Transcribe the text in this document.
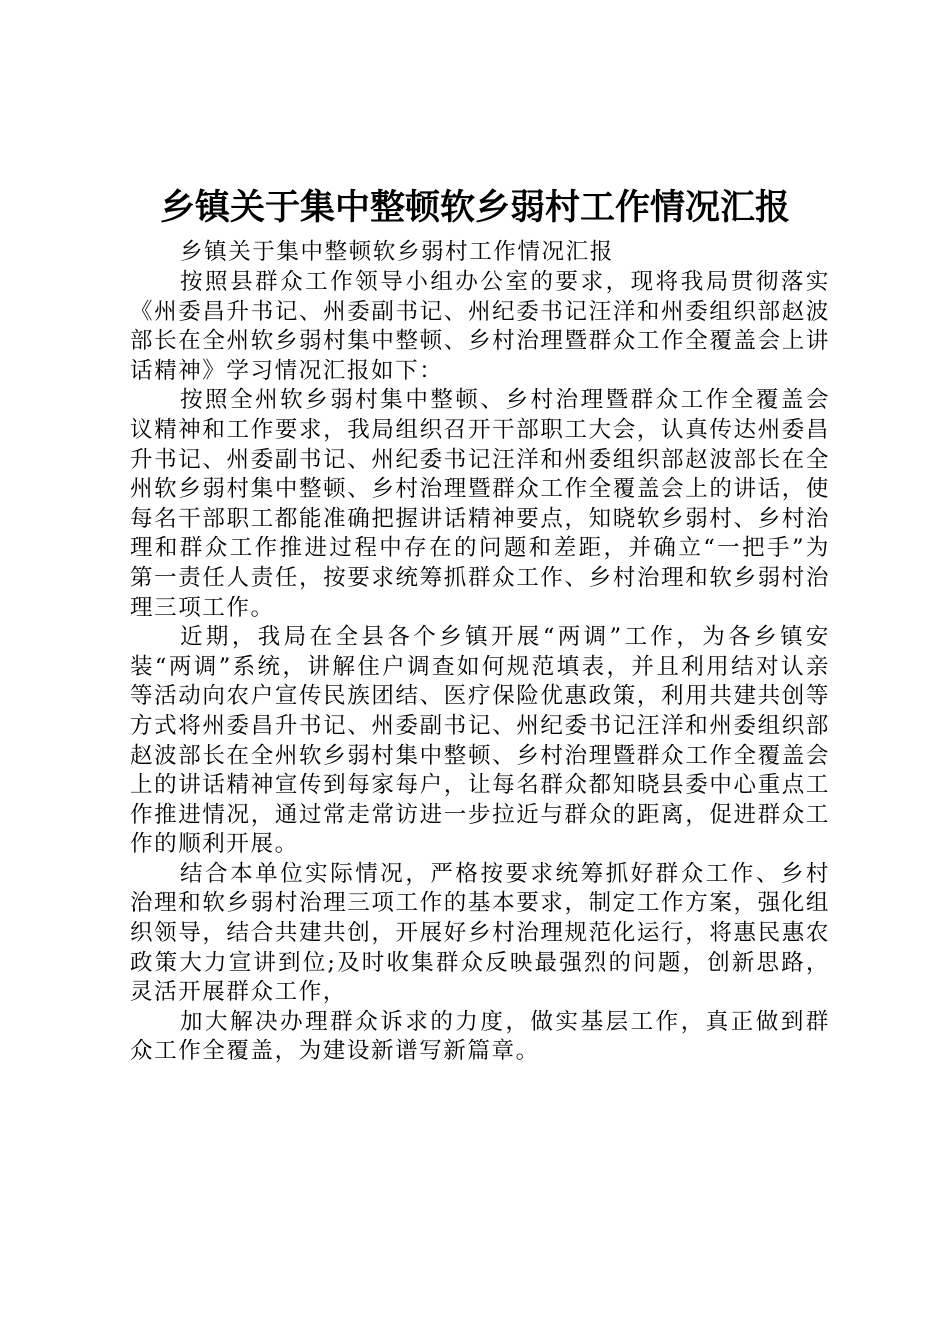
乡镇关于集中整顿软乡弱村工作情况汇报

乡镇关于集中整顿软乡弱村工作情况汇报

按照县群众工作领导小组办公室的要求，现将我局贯彻落实《州委昌升书记、州委副书记、州纪委书记汪洋和州委组织部赵波部长在全州软乡弱村集中整顿、乡村治理暨群众工作全覆盖会上讲话精神》学习情况汇报如下：

按照全州软乡弱村集中整顿、乡村治理暨群众工作全覆盖会议精神和工作要求，我局组织召开干部职工大会，认真传达州委昌升书记、州委副书记、州纪委书记汪洋和州委组织部赵波部长在全州软乡弱村集中整顿、乡村治理暨群众工作全覆盖会上的讲话，使每名干部职工都能准确把握讲话精神要点，知晓软乡弱村、乡村治理和群众工作推进过程中存在的问题和差距，并确立“一把手”为第一责任人责任，按要求统筹抓群众工作、乡村治理和软乡弱村治理三项工作。

近期，我局在全县各个乡镇开展“两调”工作，为各乡镇安装“两调”系统，讲解住户调查如何规范填表，并且利用结对认亲等活动向农户宣传民族团结、医疗保险优惠政策，利用共建共创等方式将州委昌升书记、州委副书记、州纪委书记汪洋和州委组织部赵波部长在全州软乡弱村集中整顿、乡村治理暨群众工作全覆盖会上的讲话精神宣传到每家每户，让每名群众都知晓县委中心重点工作推进情况，通过常走常访进一步拉近与群众的距离，促进群众工作的顺利开展。

结合本单位实际情况，严格按要求统筹抓好群众工作、乡村治理和软乡弱村治理三项工作的基本要求，制定工作方案，强化组织领导，结合共建共创，开展好乡村治理规范化运行，将惠民惠农政策大力宣讲到位;及时收集群众反映最强烈的问题，创新思路，灵活开展群众工作，

加大解决办理群众诉求的力度，做实基层工作，真正做到群众工作全覆盖，为建设新谱写新篇章。
